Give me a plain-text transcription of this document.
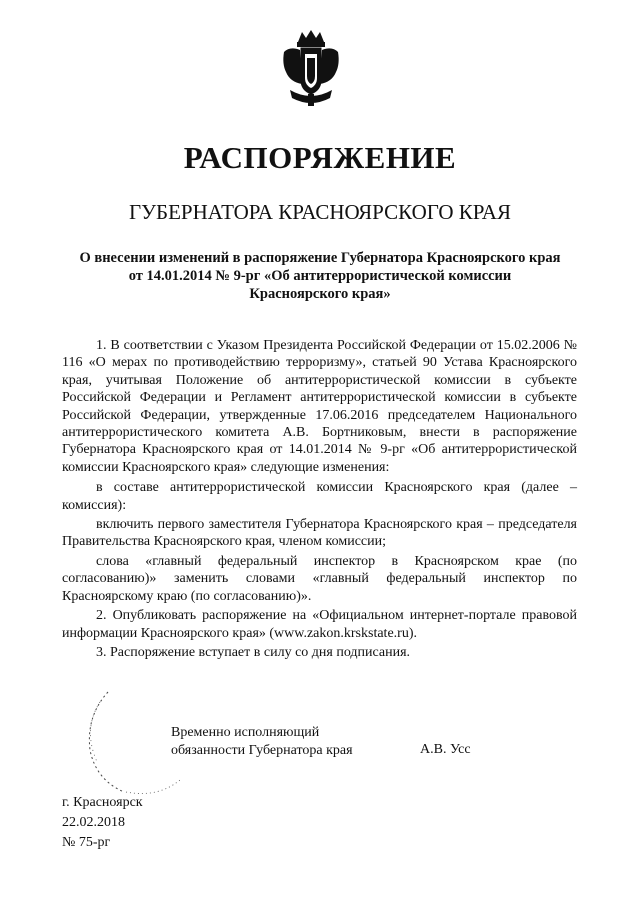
РАСПОРЯЖЕНИЕ
ГУБЕРНАТОРА КРАСНОЯРСКОГО КРАЯ
О внесении изменений в распоряжение Губернатора Красноярского края
от 14.01.2014 № 9-рг «Об антитеррористической комиссии
Красноярского края»

1. В соответствии с Указом Президента Российской Федерации от 15.02.2006 № 116 «О мерах по противодействию терроризму», статьей 90 Устава Красноярского края, учитывая Положение об антитеррористической комиссии в субъекте Российской Федерации и Регламент антитеррористической комиссии в субъекте Российской Федерации, утвержденные 17.06.2016 председателем Национального антитеррористического комитета А.В. Бортниковым, внести в распоряжение Губернатора Красноярского края от 14.01.2014 № 9-рг «Об антитеррористической комиссии Красноярского края» следующие изменения:

в составе антитеррористической комиссии Красноярского края (далее – комиссия):

включить первого заместителя Губернатора Красноярского края – председателя Правительства Красноярского края, членом комиссии;

слова «главный федеральный инспектор в Красноярском крае (по согласованию)» заменить словами «главный федеральный инспектор по Красноярскому краю (по согласованию)».

2. Опубликовать распоряжение на «Официальном интернет-портале правовой информации Красноярского края» (www.zakon.krskstate.ru).

3. Распоряжение вступает в силу со дня подписания.

Временно исполняющий
обязанности Губернатора края	А.В. Усс
г. Красноярск
22.02.2018
№ 75-рг
